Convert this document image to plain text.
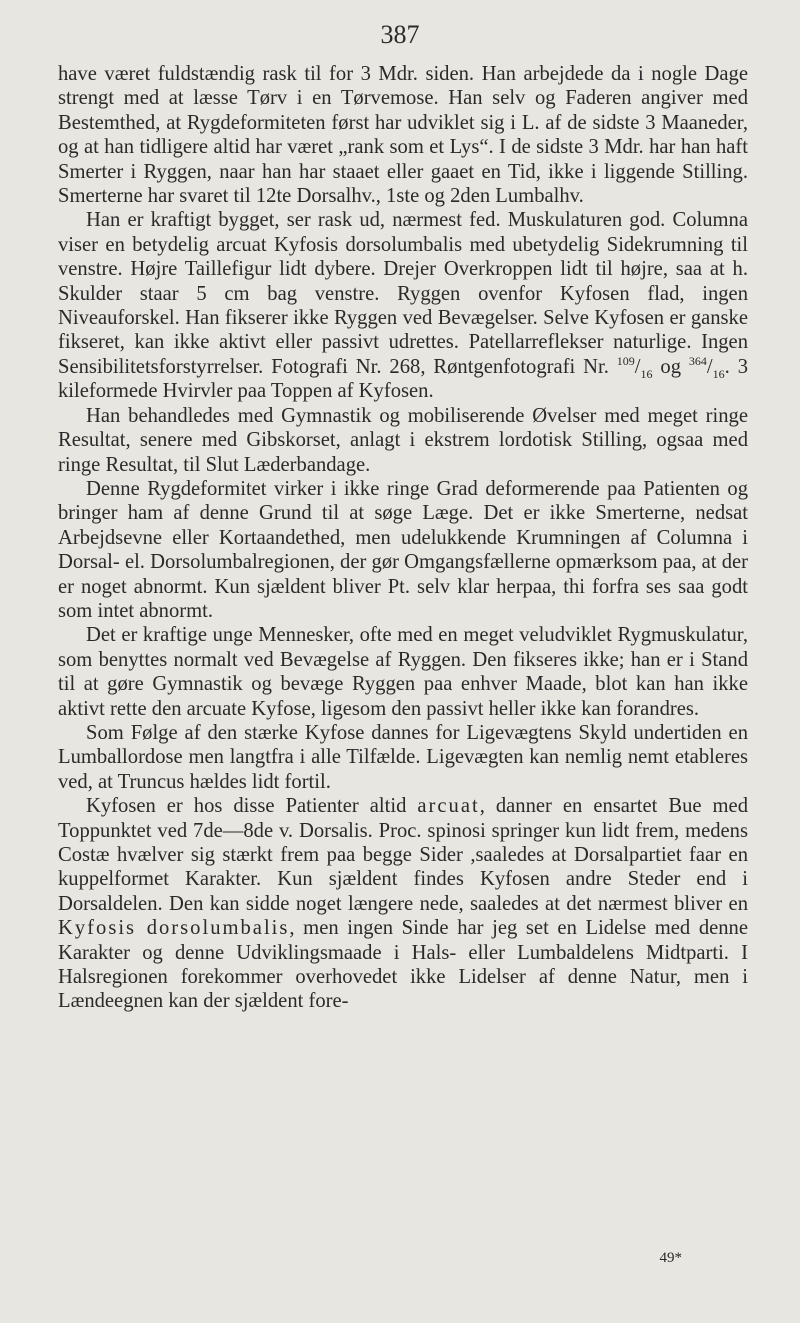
387

have været fuldstændig rask til for 3 Mdr. siden. Han arbejdede da i nogle Dage strengt med at læsse Tørv i en Tørvemose. Han selv og Faderen angiver med Bestemthed, at Rygdeformiteten først har udviklet sig i L. af de sidste 3 Maaneder, og at han tidligere altid har været „rank som et Lys“. I de sidste 3 Mdr. har han haft Smerter i Ryggen, naar han har staaet eller gaaet en Tid, ikke i liggende Stilling. Smerterne har svaret til 12te Dorsalhv., 1ste og 2den Lumbalhv.

Han er kraftigt bygget, ser rask ud, nærmest fed. Muskulaturen god. Columna viser en betydelig arcuat Kyfosis dorsolumbalis med ubetydelig Sidekrumning til venstre. Højre Taillefigur lidt dybere. Drejer Overkroppen lidt til højre, saa at h. Skulder staar 5 cm bag venstre. Ryggen ovenfor Kyfosen flad, ingen Niveauforskel. Han fikserer ikke Ryggen ved Bevægelser. Selve Kyfosen er ganske fikseret, kan ikke aktivt eller passivt udrettes. Patellarreflekser naturlige. Ingen Sensibilitetsforstyrrelser. Fotografi Nr. 268, Røntgenfotografi Nr. $^{109}/_{16}$ og $^{364}/_{16}$. 3 kileformede Hvirvler paa Toppen af Kyfosen.

Han behandledes med Gymnastik og mobiliserende Øvelser med meget ringe Resultat, senere med Gibskorset, anlagt i ekstrem lordotisk Stilling, ogsaa med ringe Resultat, til Slut Læderbandage.

Denne Rygdeformitet virker i ikke ringe Grad deformerende paa Patienten og bringer ham af denne Grund til at søge Læge. Det er ikke Smerterne, nedsat Arbejdsevne eller Kortaandethed, men udelukkende Krumningen af Columna i Dorsal- el. Dorsolumbalregionen, der gør Omgangsfællerne opmærksom paa, at der er noget abnormt. Kun sjældent bliver Pt. selv klar herpaa, thi forfra ses saa godt som intet abnormt.

Det er kraftige unge Mennesker, ofte med en meget veludviklet Rygmuskulatur, som benyttes normalt ved Bevægelse af Ryggen. Den fikseres ikke; han er i Stand til at gøre Gymnastik og bevæge Ryggen paa enhver Maade, blot kan han ikke aktivt rette den arcuate Kyfose, ligesom den passivt heller ikke kan forandres.

Som Følge af den stærke Kyfose dannes for Ligevægtens Skyld undertiden en Lumballordose men langtfra i alle Tilfælde. Ligevægten kan nemlig nemt etableres ved, at Truncus hældes lidt fortil.

Kyfosen er hos disse Patienter altid arcuat, danner en ensartet Bue med Toppunktet ved 7de—8de v. Dorsalis. Proc. spinosi springer kun lidt frem, medens Costæ hvælver sig stærkt frem paa begge Sider ,saaledes at Dorsalpartiet faar en kuppelformet Karakter. Kun sjældent findes Kyfosen andre Steder end i Dorsaldelen. Den kan sidde noget længere nede, saaledes at det nærmest bliver en Kyfosis dorsolumbalis, men ingen Sinde har jeg set en Lidelse med denne Karakter og denne Udviklingsmaade i Hals- eller Lumbaldelens Midtparti. I Halsregionen forekommer overhovedet ikke Lidelser af denne Natur, men i Lændeegnen kan der sjældent fore-

49*
